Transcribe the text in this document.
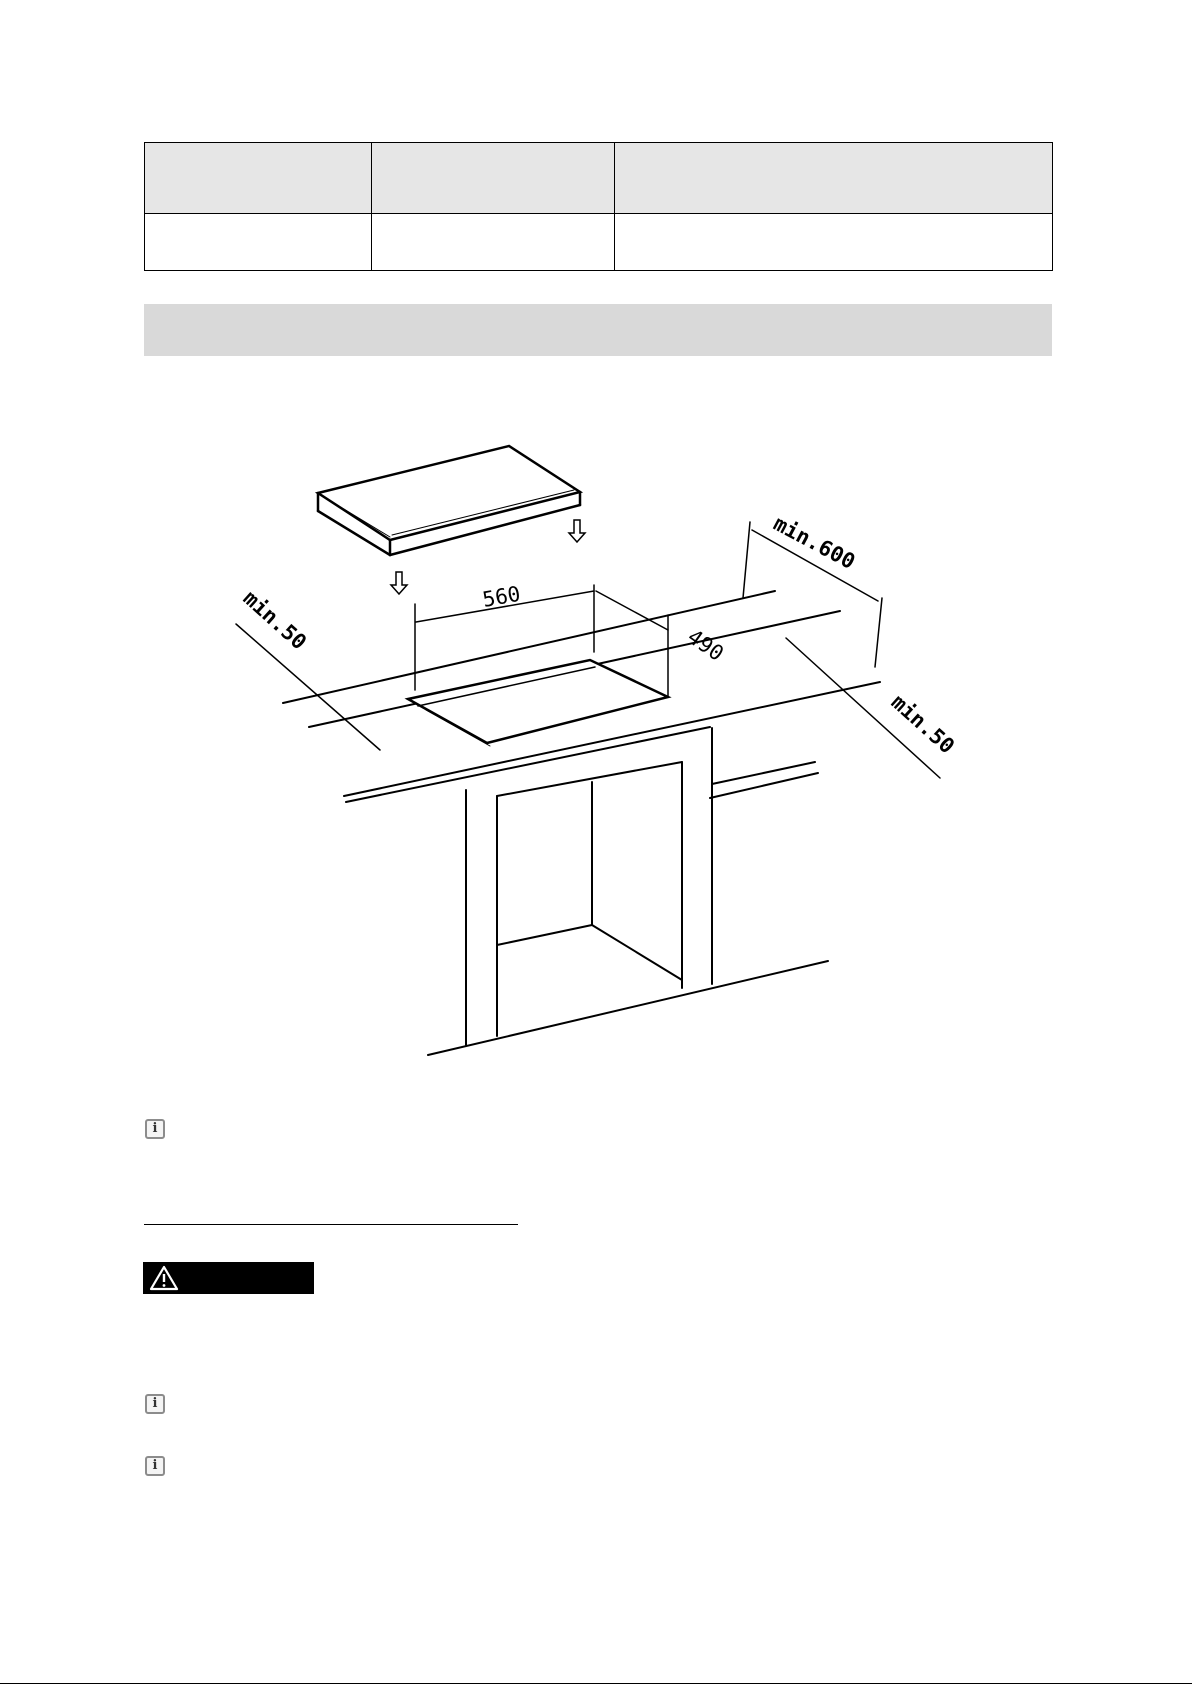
560
490
min.600
min.50
min.50
i
i
i
